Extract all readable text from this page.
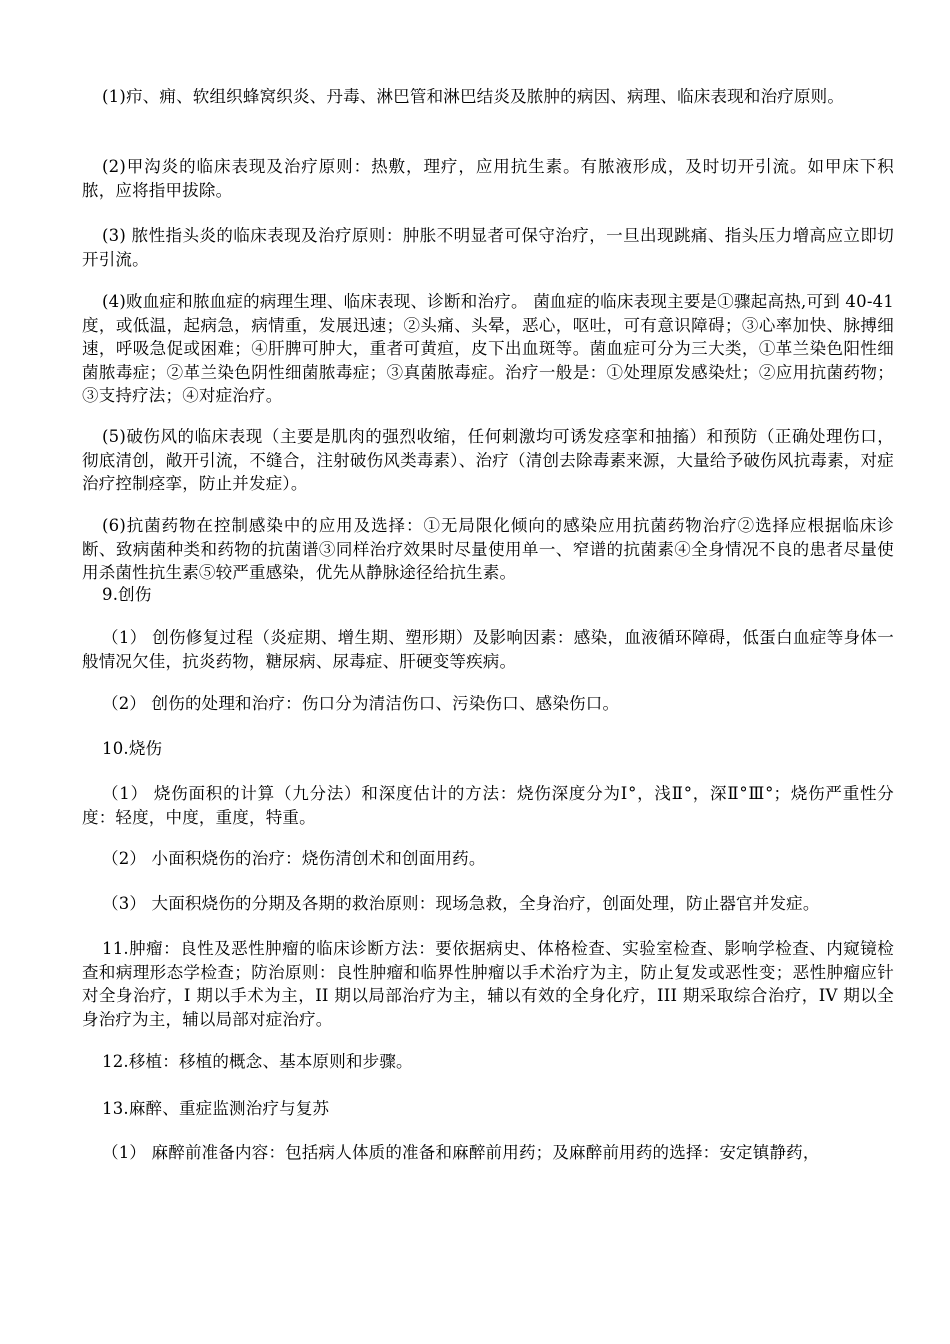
(1)疖、痈、软组织蜂窝织炎、丹毒、淋巴管和淋巴结炎及脓肿的病因、病理、临床表现和治疗原则。

(2)甲沟炎的临床表现及治疗原则：热敷，理疗，应用抗生素。有脓液形成，及时切开引流。如甲床下积脓，应将指甲拔除。

(3) 脓性指头炎的临床表现及治疗原则：肿胀不明显者可保守治疗，一旦出现跳痛、指头压力增高应立即切开引流。

(4)败血症和脓血症的病理生理、临床表现、诊断和治疗。 菌血症的临床表现主要是①骤起高热,可到 40-41 度，或低温，起病急，病情重，发展迅速；②头痛、头晕，恶心，呕吐，可有意识障碍；③心率加快、脉搏细速，呼吸急促或困难；④肝脾可肿大，重者可黄疸，皮下出血斑等。菌血症可分为三大类，①革兰染色阳性细菌脓毒症；②革兰染色阴性细菌脓毒症；③真菌脓毒症。治疗一般是：①处理原发感染灶；②应用抗菌药物；③支持疗法；④对症治疗。

(5)破伤风的临床表现（主要是肌肉的强烈收缩，任何刺激均可诱发痉挛和抽搐）和预防（正确处理伤口，彻底清创，敞开引流，不缝合，注射破伤风类毒素）、治疗（清创去除毒素来源，大量给予破伤风抗毒素，对症治疗控制痉挛，防止并发症）。

(6)抗菌药物在控制感染中的应用及选择：①无局限化倾向的感染应用抗菌药物治疗②选择应根据临床诊断、致病菌种类和药物的抗菌谱③同样治疗效果时尽量使用单一、窄谱的抗菌素④全身情况不良的患者尽量使用杀菌性抗生素⑤较严重感染，优先从静脉途径给抗生素。

9.创伤

（1） 创伤修复过程（炎症期、增生期、塑形期）及影响因素：感染，血液循环障碍，低蛋白血症等身体一般情况欠佳，抗炎药物，糖尿病、尿毒症、肝硬变等疾病。

（2） 创伤的处理和治疗：伤口分为清洁伤口、污染伤口、感染伤口。

10.烧伤

（1） 烧伤面积的计算（九分法）和深度估计的方法：烧伤深度分为Ⅰ°，浅Ⅱ°，深Ⅱ°Ⅲ°；烧伤严重性分度：轻度，中度，重度，特重。

（2） 小面积烧伤的治疗：烧伤清创术和创面用药。

（3） 大面积烧伤的分期及各期的救治原则：现场急救，全身治疗，创面处理，防止器官并发症。

11.肿瘤：良性及恶性肿瘤的临床诊断方法：要依据病史、体格检查、实验室检查、影响学检查、内窥镜检查和病理形态学检查；防治原则：良性肿瘤和临界性肿瘤以手术治疗为主，防止复发或恶性变；恶性肿瘤应针对全身治疗，I 期以手术为主，II 期以局部治疗为主，辅以有效的全身化疗，III 期采取综合治疗，IV 期以全身治疗为主，辅以局部对症治疗。

12.移植：移植的概念、基本原则和步骤。

13.麻醉、重症监测治疗与复苏

（1） 麻醉前准备内容：包括病人体质的准备和麻醉前用药；及麻醉前用药的选择：安定镇静药，
